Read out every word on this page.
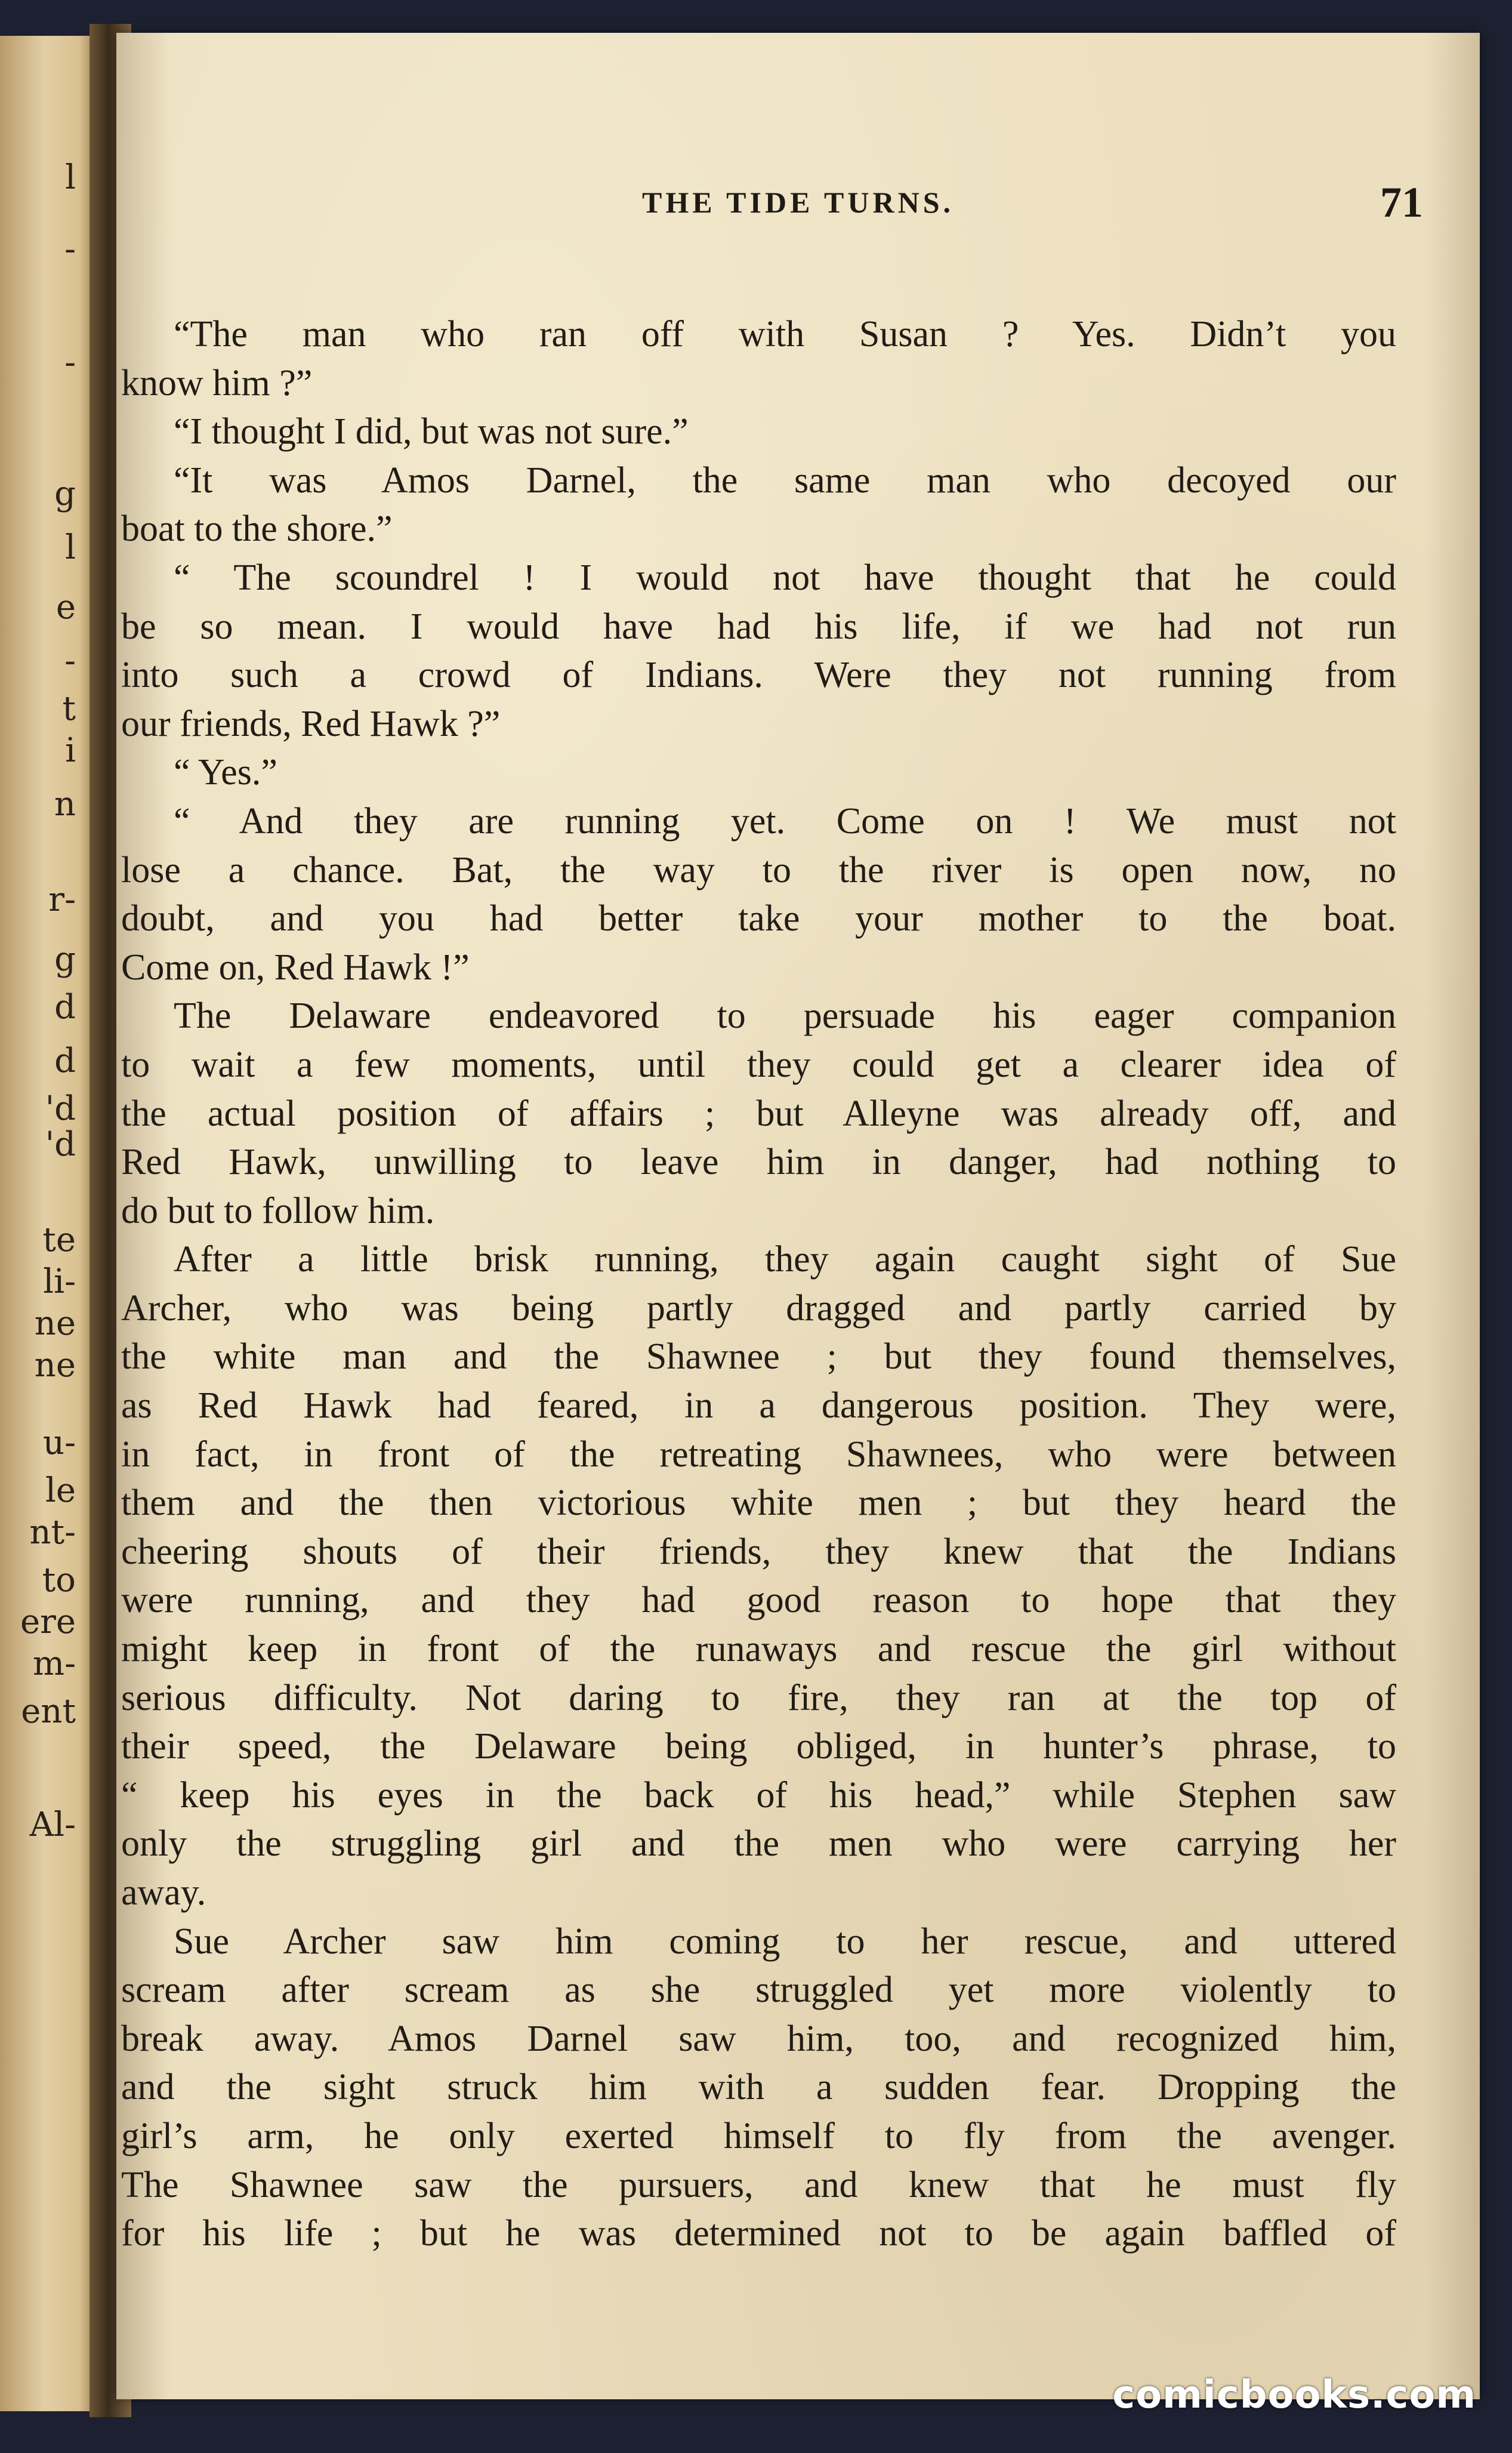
l
-
-
g
l
e
-
t
i
n
r-
g
d
d
'd
'd
te
li-
ne
ne
u-
le
nt-
to
ere
m-
ent
Al-
THE TIDE TURNS.	71
“The man who ran off with Susan ? Yes. Didn’t you
know him ?”
“I thought I did, but was not sure.”
“It was Amos Darnel, the same man who decoyed our
boat to the shore.”
“ The scoundrel ! I would not have thought that he could
be so mean. I would have had his life, if we had not run
into such a crowd of Indians. Were they not running from
our friends, Red Hawk ?”
“ Yes.”
“ And they are running yet. Come on ! We must not
lose a chance. Bat, the way to the river is open now, no
doubt, and you had better take your mother to the boat.
Come on, Red Hawk !”
The Delaware endeavored to persuade his eager companion
to wait a few moments, until they could get a clearer idea of
the actual position of affairs ; but Alleyne was already off, and
Red Hawk, unwilling to leave him in danger, had nothing to
do but to follow him.
After a little brisk running, they again caught sight of Sue
Archer, who was being partly dragged and partly carried by
the white man and the Shawnee ; but they found themselves,
as Red Hawk had feared, in a dangerous position. They were,
in fact, in front of the retreating Shawnees, who were between
them and the then victorious white men ; but they heard the
cheering shouts of their friends, they knew that the Indians
were running, and they had good reason to hope that they
might keep in front of the runaways and rescue the girl without
serious difficulty. Not daring to fire, they ran at the top of
their speed, the Delaware being obliged, in hunter’s phrase, to
“ keep his eyes in the back of his head,” while Stephen saw
only the struggling girl and the men who were carrying her
away.
Sue Archer saw him coming to her rescue, and uttered
scream after scream as she struggled yet more violently to
break away. Amos Darnel saw him, too, and recognized him,
and the sight struck him with a sudden fear. Dropping the
girl’s arm, he only exerted himself to fly from the avenger.
The Shawnee saw the pursuers, and knew that he must fly
for his life ; but he was determined not to be again baffled of
comicbooks.com
